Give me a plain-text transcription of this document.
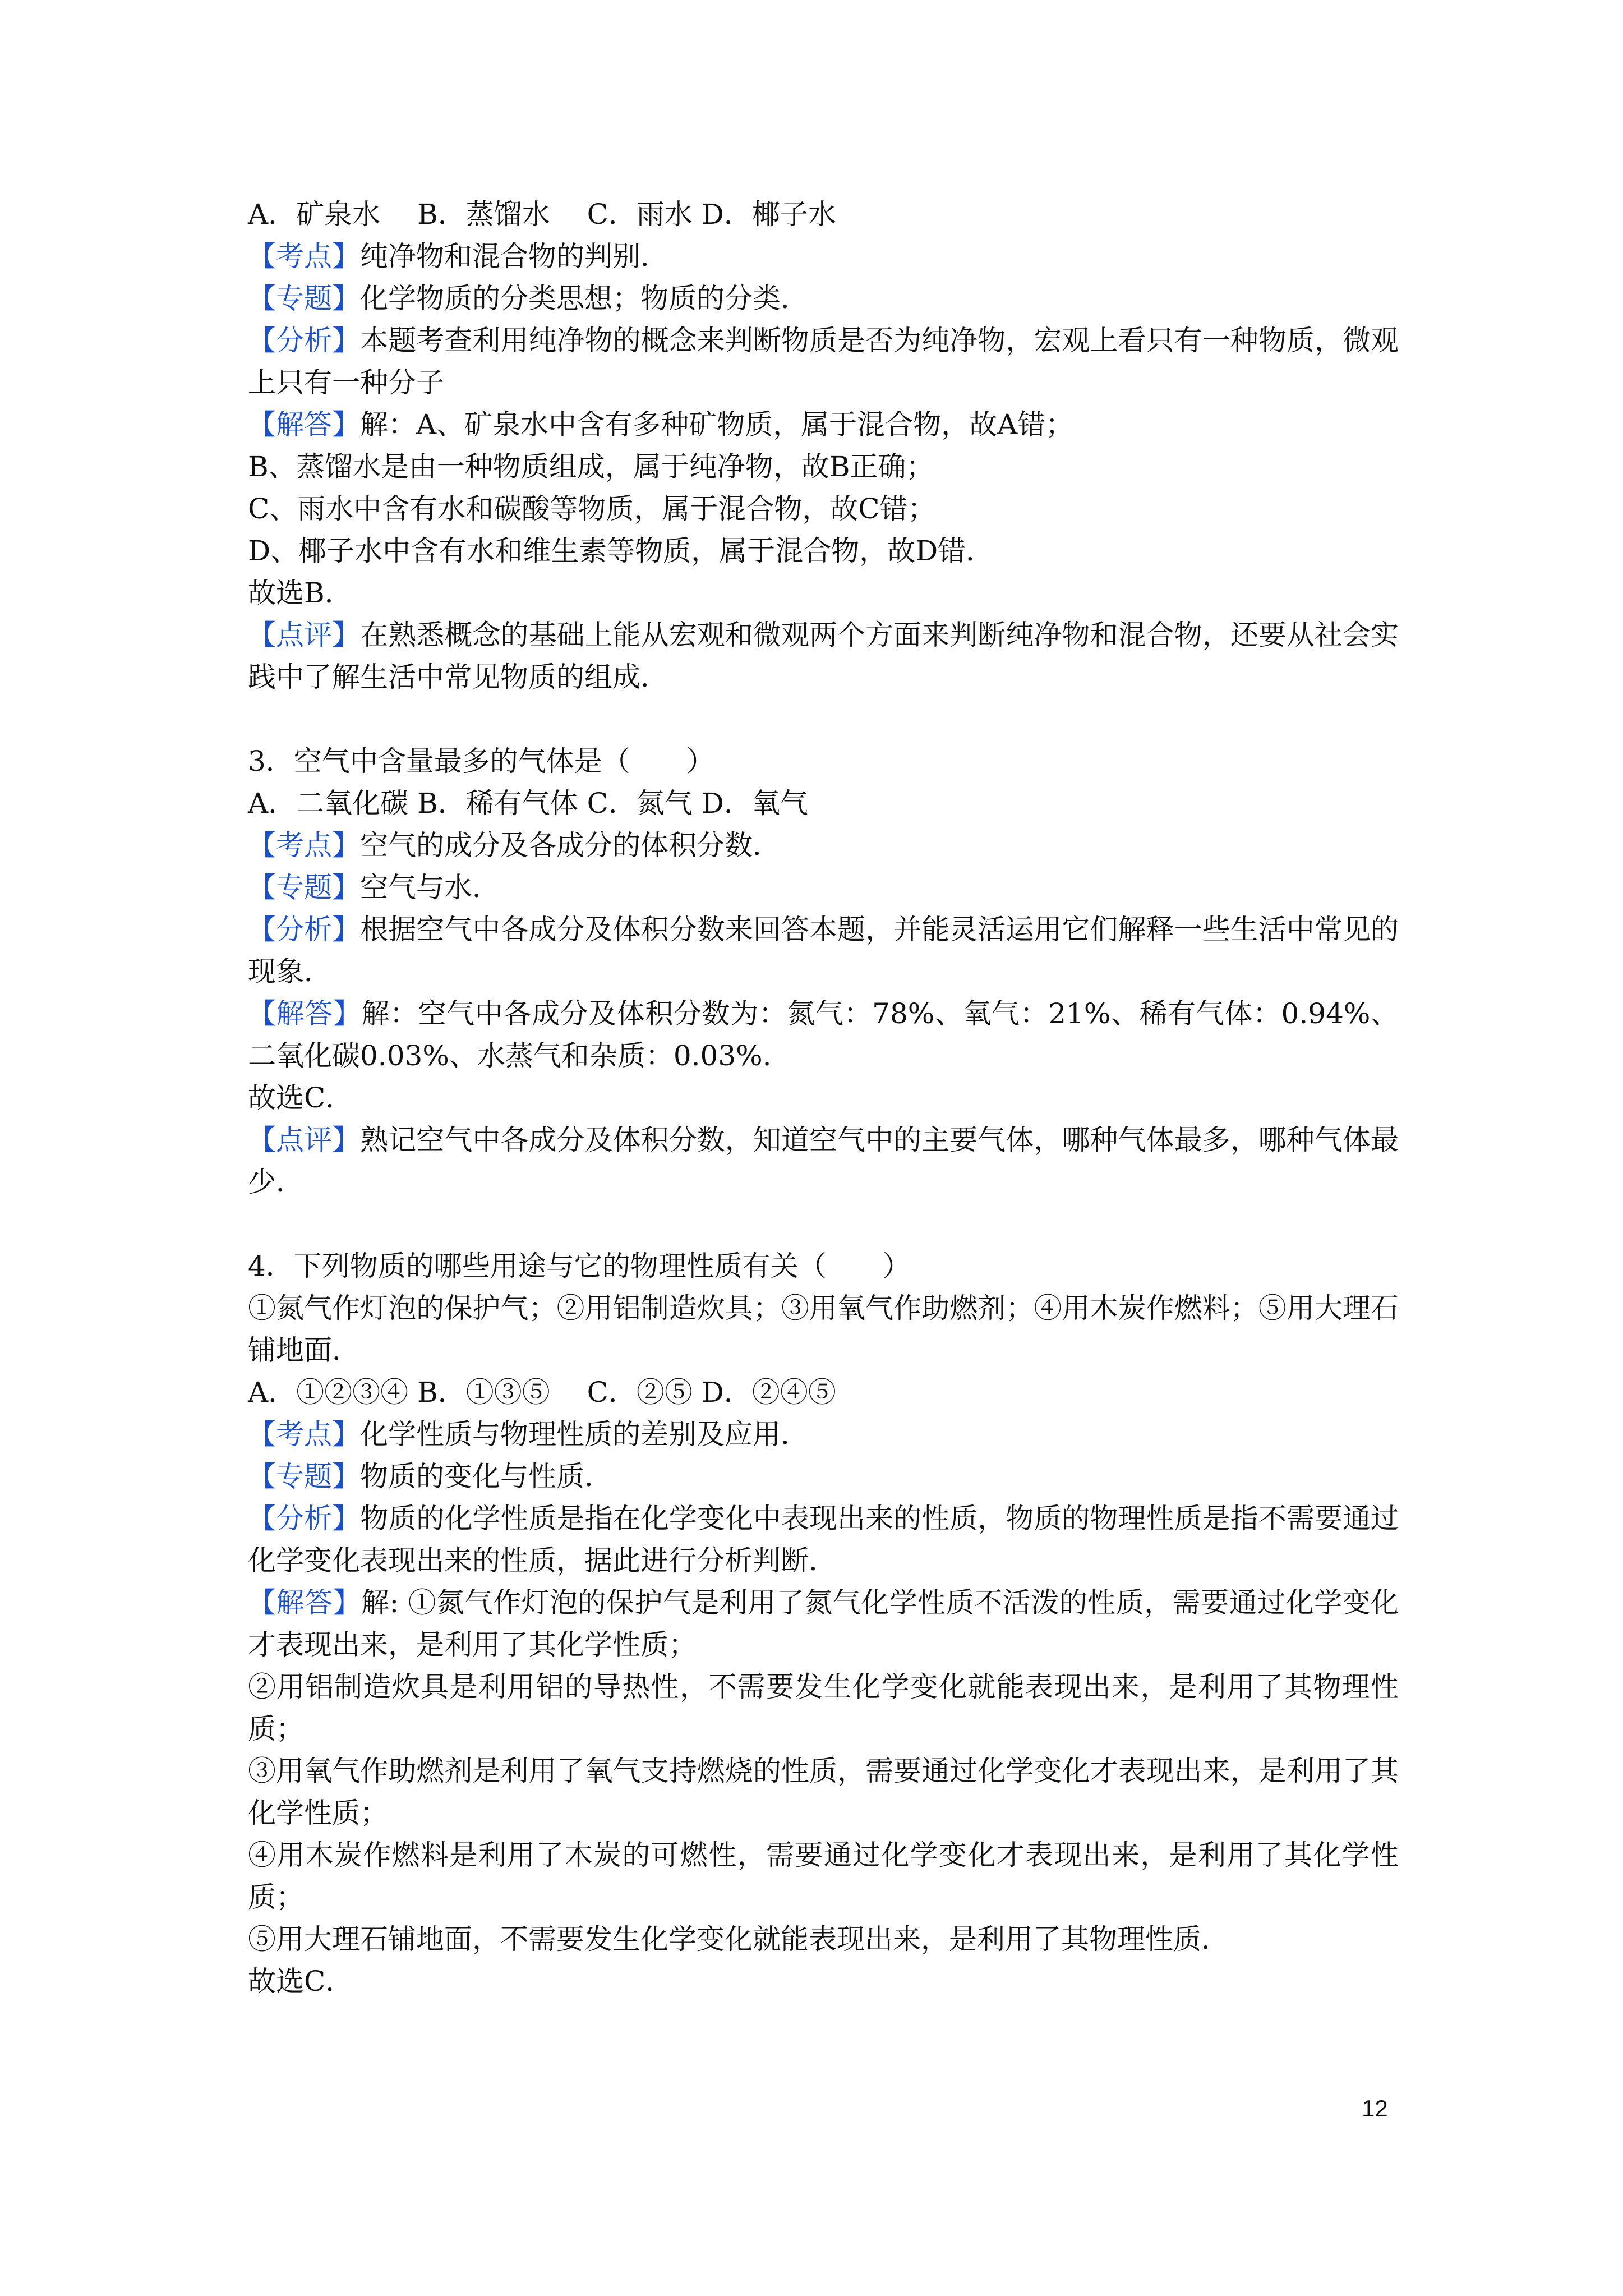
A．矿泉水　 B．蒸馏水　 C．雨水 D．椰子水
【考点】纯净物和混合物的判别．
【专题】化学物质的分类思想；物质的分类．
【分析】本题考查利用纯净物的概念来判断物质是否为纯净物，宏观上看只有一种物质，微观上只有一种分子
【解答】解：A、矿泉水中含有多种矿物质，属于混合物，故A错；
B、蒸馏水是由一种物质组成，属于纯净物，故B正确；
C、雨水中含有水和碳酸等物质，属于混合物，故C错；
D、椰子水中含有水和维生素等物质，属于混合物，故D错．
故选B．
【点评】在熟悉概念的基础上能从宏观和微观两个方面来判断纯净物和混合物，还要从社会实践中了解生活中常见物质的组成．
3．空气中含量最多的气体是（　　）
A．二氧化碳 B．稀有气体 C．氮气 D．氧气
【考点】空气的成分及各成分的体积分数．
【专题】空气与水．
【分析】根据空气中各成分及体积分数来回答本题，并能灵活运用它们解释一些生活中常见的现象．
【解答】解：空气中各成分及体积分数为：氮气：78%、氧气：21%、稀有气体：0.94%、二氧化碳0.03%、水蒸气和杂质：0.03%.
故选C．
【点评】熟记空气中各成分及体积分数，知道空气中的主要气体，哪种气体最多，哪种气体最少．
4．下列物质的哪些用途与它的物理性质有关（　　）
①氮气作灯泡的保护气；②用铝制造炊具；③用氧气作助燃剂；④用木炭作燃料；⑤用大理石铺地面．
A．①②③④ B．①③⑤　 C．②⑤ D．②④⑤
【考点】化学性质与物理性质的差别及应用．
【专题】物质的变化与性质．
【分析】物质的化学性质是指在化学变化中表现出来的性质，物质的物理性质是指不需要通过化学变化表现出来的性质，据此进行分析判断．
【解答】解: ①氮气作灯泡的保护气是利用了氮气化学性质不活泼的性质，需要通过化学变化才表现出来，是利用了其化学性质；
②用铝制造炊具是利用铝的导热性，不需要发生化学变化就能表现出来，是利用了其物理性质；
③用氧气作助燃剂是利用了氧气支持燃烧的性质，需要通过化学变化才表现出来，是利用了其化学性质；
④用木炭作燃料是利用了木炭的可燃性，需要通过化学变化才表现出来，是利用了其化学性质；
⑤用大理石铺地面，不需要发生化学变化就能表现出来，是利用了其物理性质．
故选C．
12
